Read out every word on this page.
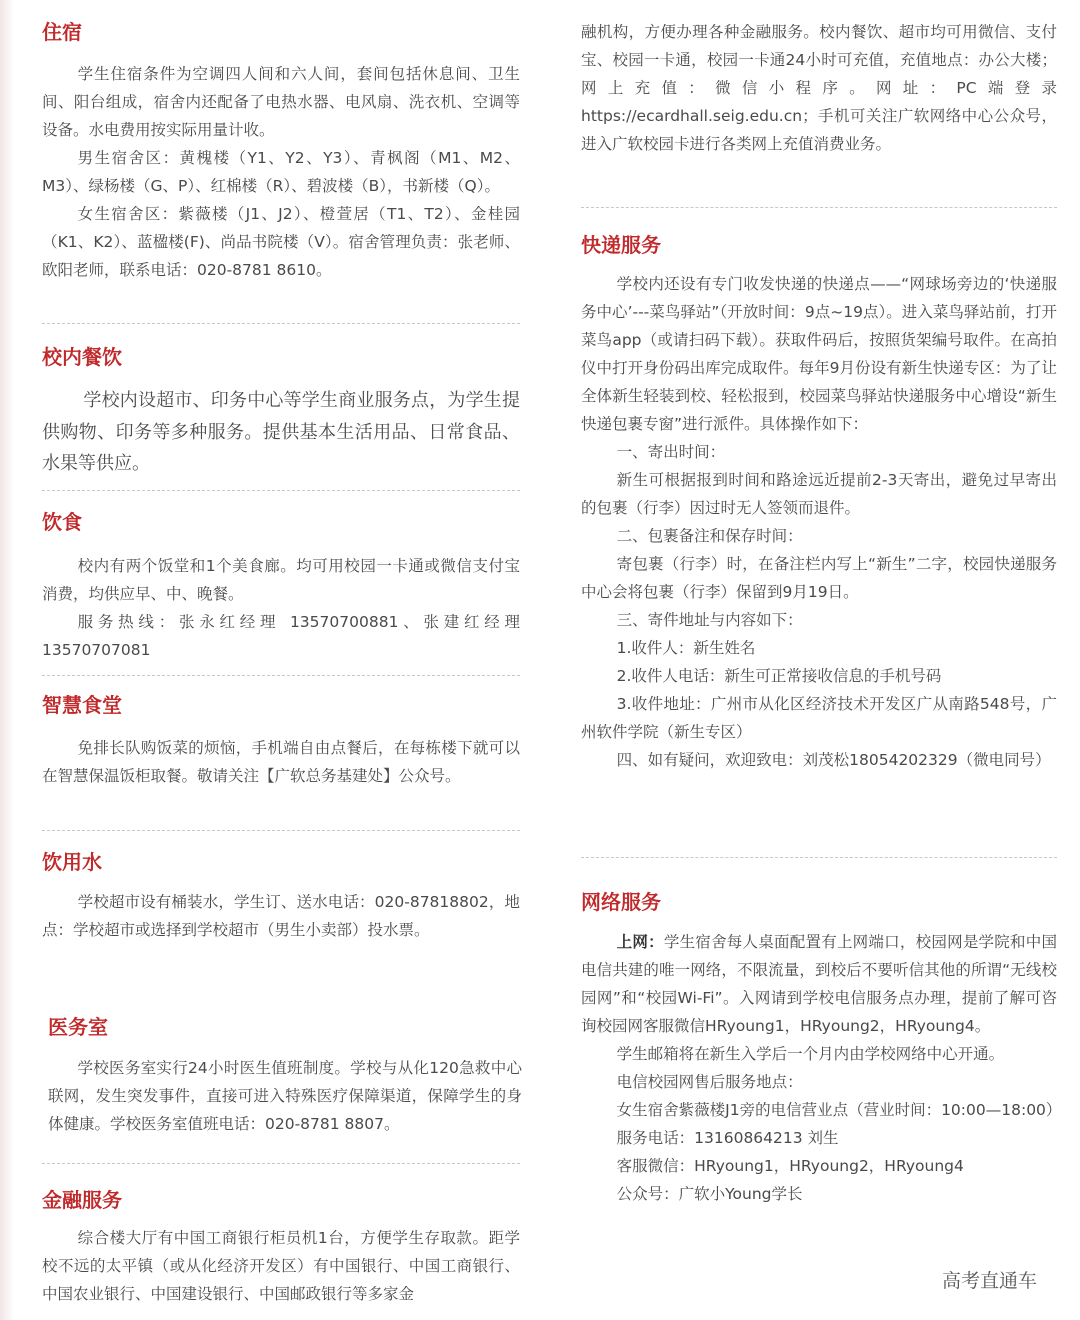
住宿

学生住宿条件为空调四人间和六人间，套间包括休息间、卫生间、阳台组成，宿舍内还配备了电热水器、电风扇、洗衣机、空调等设备。水电费用按实际用量计收。

男生宿舍区：黄槐楼（Y1、Y2、Y3）、青枫阁（M1、M2、M3）、绿杨楼（G、P）、红棉楼（R）、碧波楼（B），书新楼（Q）。

女生宿舍区：紫薇楼（J1、J2）、橙萱居（T1、T2）、金桂园（K1、K2）、蓝楹楼(F)、尚品书院楼（V）。宿舍管理负责：张老师、欧阳老师，联系电话：020-8781 8610。

校内餐饮

学校内设超市、印务中心等学生商业服务点，为学生提供购物、印务等多种服务。提供基本生活用品、日常食品、水果等供应。

饮食

校内有两个饭堂和1个美食廊。均可用校园一卡通或微信支付宝消费，均供应早、中、晚餐。

服务热线：张永红经理 13570700881、张建红经理 13570707081

智慧食堂

免排长队购饭菜的烦恼，手机端自由点餐后，在每栋楼下就可以在智慧保温饭柜取餐。敬请关注【广软总务基建处】公众号。

饮用水

学校超市设有桶装水，学生订、送水电话：020-87818802，地点：学校超市或选择到学校超市（男生小卖部）投水票。

医务室

学校医务室实行24小时医生值班制度。学校与从化120急救中心联网，发生突发事件，直接可进入特殊医疗保障渠道，保障学生的身体健康。学校医务室值班电话：020-8781 8807。

金融服务

综合楼大厅有中国工商银行柜员机1台，方便学生存取款。距学校不远的太平镇（或从化经济开发区）有中国银行、中国工商银行、中国农业银行、中国建设银行、中国邮政银行等多家金

融机构，方便办理各种金融服务。校内餐饮、超市均可用微信、支付宝、校园一卡通，校园一卡通24小时可充值，充值地点：办公大楼；网上充值：微信小程序。网址：PC端登录https://ecardhall.seig.edu.cn；手机可关注广软网络中心公众号，进入广软校园卡进行各类网上充值消费业务。

快递服务

学校内还设有专门收发快递的快递点——“网球场旁边的‘快递服务中心’---菜鸟驿站”（开放时间：9点~19点）。进入菜鸟驿站前，打开菜鸟app（或请扫码下载）。获取件码后，按照货架编号取件。在高拍仪中打开身份码出库完成取件。每年9月份设有新生快递专区：为了让全体新生轻装到校、轻松报到，校园菜鸟驿站快递服务中心增设“新生快递包裹专窗”进行派件。具体操作如下：

一、寄出时间：

新生可根据报到时间和路途远近提前2-3天寄出，避免过早寄出的包裹（行李）因过时无人签领而退件。

二、包裹备注和保存时间：

寄包裹（行李）时，在备注栏内写上“新生”二字，校园快递服务中心会将包裹（行李）保留到9月19日。

三、寄件地址与内容如下：

1.收件人：新生姓名

2.收件人电话：新生可正常接收信息的手机号码

3.收件地址：广州市从化区经济技术开发区广从南路548号，广州软件学院（新生专区）

四、如有疑问，欢迎致电：刘茂松18054202329（微电同号）

网络服务

上网：学生宿舍每人桌面配置有上网端口，校园网是学院和中国电信共建的唯一网络，不限流量，到校后不要听信其他的所谓“无线校园网”和“校园Wi-Fi”。入网请到学校电信服务点办理，提前了解可咨询校园网客服微信HRyoung1，HRyoung2，HRyoung4。

学生邮箱将在新生入学后一个月内由学校网络中心开通。

电信校园网售后服务地点：

女生宿舍紫薇楼J1旁的电信营业点（营业时间：10:00—18:00）

服务电话：13160864213 刘生

客服微信：HRyoung1，HRyoung2，HRyoung4

公众号：广软小Young学长

高考直通车
